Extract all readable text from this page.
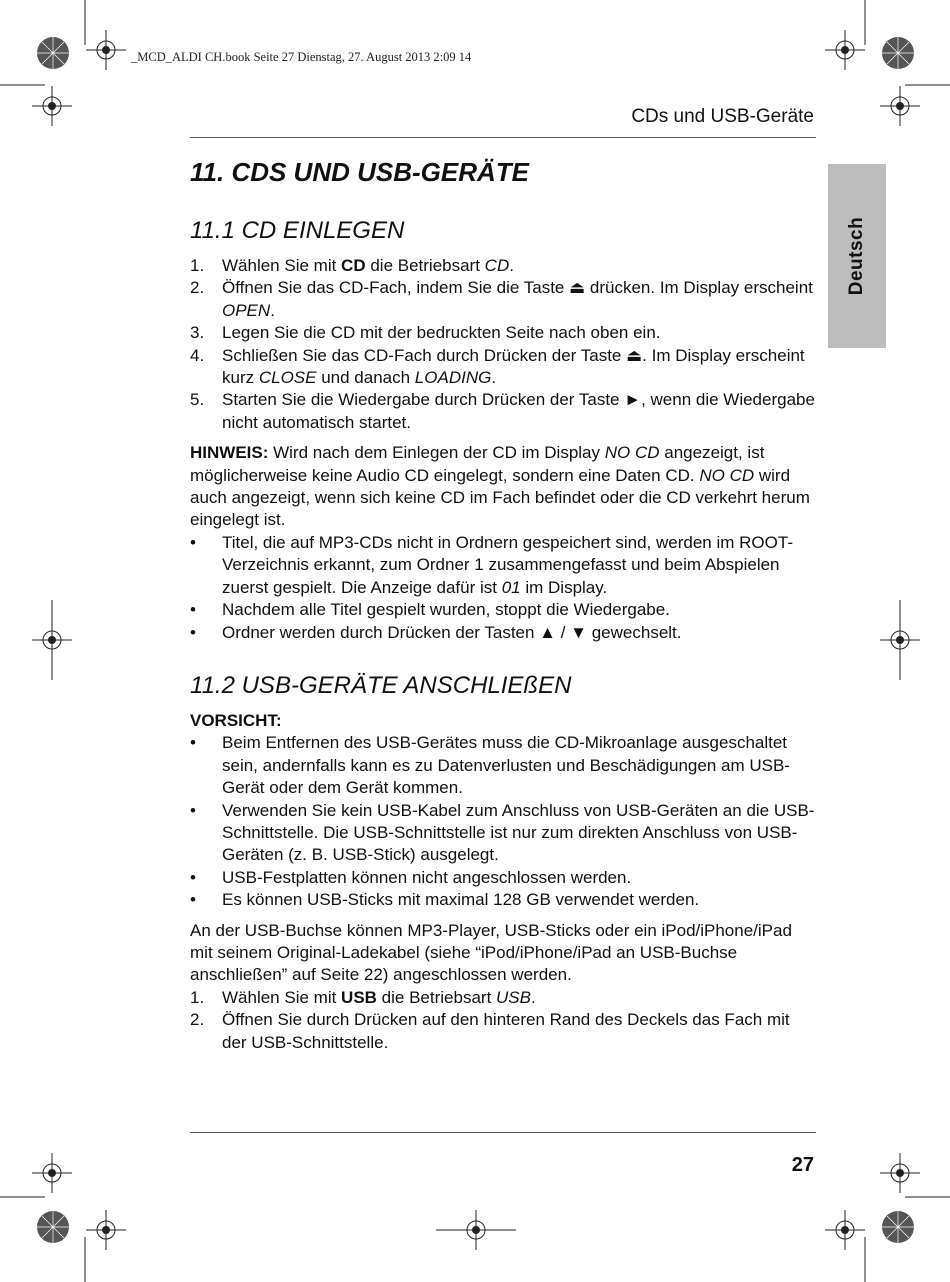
_MCD_ALDI CH.book Seite 27 Dienstag, 27. August 2013 2:09 14
CDs und USB-Geräte
Deutsch
11. CDS UND USB-GERÄTE
11.1 CD EINLEGEN
1. Wählen Sie mit CD die Betriebsart CD.
2. Öffnen Sie das CD-Fach, indem Sie die Taste ⏏ drücken. Im Display erscheint OPEN.
3. Legen Sie die CD mit der bedruckten Seite nach oben ein.
4. Schließen Sie das CD-Fach durch Drücken der Taste ⏏. Im Display erscheint kurz CLOSE und danach LOADING.
5. Starten Sie die Wiedergabe durch Drücken der Taste ►, wenn die Wiedergabe nicht automatisch startet.
HINWEIS: Wird nach dem Einlegen der CD im Display NO CD angezeigt, ist möglicherweise keine Audio CD eingelegt, sondern eine Daten CD. NO CD wird auch angezeigt, wenn sich keine CD im Fach befindet oder die CD verkehrt herum eingelegt ist.
• Titel, die auf MP3-CDs nicht in Ordnern gespeichert sind, werden im ROOT-Verzeichnis erkannt, zum Ordner 1 zusammengefasst und beim Abspielen zuerst gespielt. Die Anzeige dafür ist 01 im Display.
• Nachdem alle Titel gespielt wurden, stoppt die Wiedergabe.
• Ordner werden durch Drücken der Tasten ▲ / ▼ gewechselt.
11.2 USB-GERÄTE ANSCHLIEßEN
VORSICHT:
• Beim Entfernen des USB-Gerätes muss die CD-Mikroanlage ausgeschaltet sein, andernfalls kann es zu Datenverlusten und Beschädigungen am USB-Gerät oder dem Gerät kommen.
• Verwenden Sie kein USB-Kabel zum Anschluss von USB-Geräten an die USB-Schnittstelle. Die USB-Schnittstelle ist nur zum direkten Anschluss von USB-Geräten (z. B. USB-Stick) ausgelegt.
• USB-Festplatten können nicht angeschlossen werden.
• Es können USB-Sticks mit maximal 128 GB verwendet werden.
An der USB-Buchse können MP3-Player, USB-Sticks oder ein iPod/iPhone/iPad mit seinem Original-Ladekabel (siehe “iPod/iPhone/iPad an USB-Buchse anschließen” auf Seite 22) angeschlossen werden.
1. Wählen Sie mit USB die Betriebsart USB.
2. Öffnen Sie durch Drücken auf den hinteren Rand des Deckels das Fach mit der USB-Schnittstelle.
27
